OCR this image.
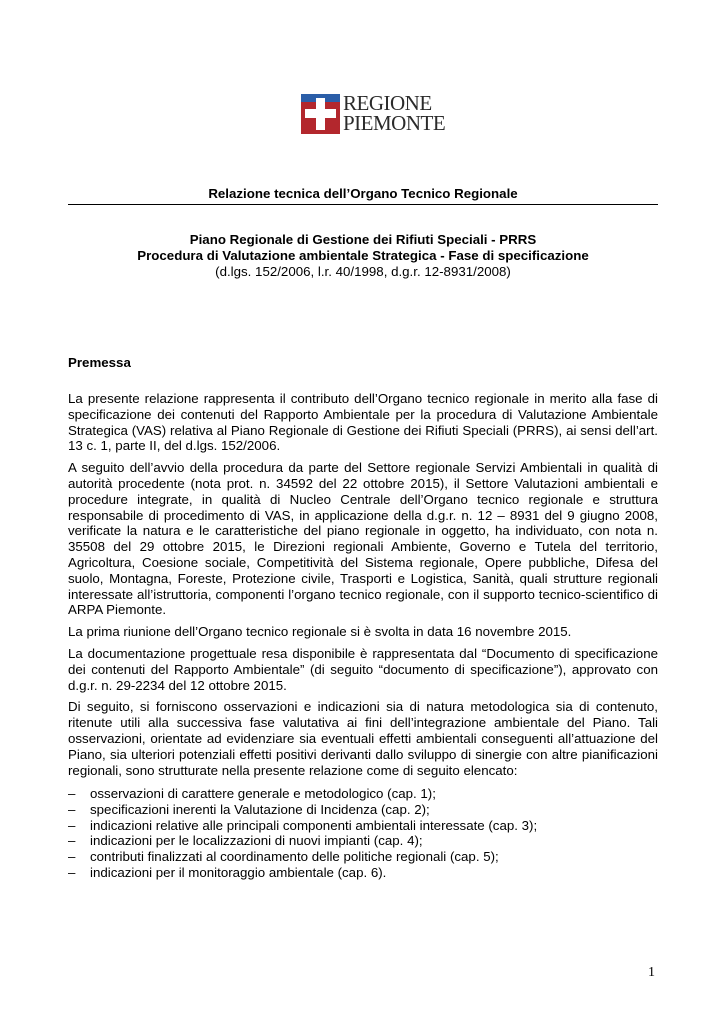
REGIONE
PIEMONTE
Relazione tecnica dell’Organo Tecnico Regionale
Piano Regionale di Gestione dei Rifiuti Speciali - PRRS
Procedura di Valutazione ambientale Strategica - Fase di specificazione
(d.lgs. 152/2006, l.r. 40/1998, d.g.r. 12-8931/2008)
Premessa

La presente relazione rappresenta il contributo dell’Organo tecnico regionale in merito alla fase di specificazione dei contenuti del Rapporto Ambientale per la procedura di Valutazione Ambientale Strategica (VAS) relativa al Piano Regionale di Gestione dei Rifiuti Speciali (PRRS), ai sensi dell’art. 13 c. 1, parte II, del d.lgs. 152/2006.

A seguito dell’avvio della procedura da parte del Settore regionale Servizi Ambientali in qualità di autorità procedente (nota prot. n. 34592 del 22 ottobre 2015), il Settore Valutazioni ambientali e procedure integrate, in qualità di Nucleo Centrale dell’Organo tecnico regionale e struttura responsabile di procedimento di VAS, in applicazione della d.g.r. n. 12 – 8931 del 9 giugno 2008, verificate la natura e le caratteristiche del piano regionale in oggetto, ha individuato, con nota n. 35508 del 29 ottobre 2015, le Direzioni regionali Ambiente, Governo e Tutela del territorio, Agricoltura, Coesione sociale, Competitività del Sistema regionale, Opere pubbliche, Difesa del suolo, Montagna, Foreste, Protezione civile, Trasporti e Logistica, Sanità, quali strutture regionali interessate all’istruttoria, componenti l’organo tecnico regionale, con il supporto tecnico-scientifico di ARPA Piemonte.

La prima riunione dell’Organo tecnico regionale si è svolta in data 16 novembre 2015.

La documentazione progettuale resa disponibile è rappresentata dal “Documento di specificazione dei contenuti del Rapporto Ambientale” (di seguito “documento di specificazione”), approvato con d.g.r. n. 29-2234 del 12 ottobre 2015.

Di seguito, si forniscono osservazioni e indicazioni sia di natura metodologica sia di contenuto, ritenute utili alla successiva fase valutativa ai fini dell’integrazione ambientale del Piano. Tali osservazioni, orientate ad evidenziare sia eventuali effetti ambientali conseguenti all’attuazione del Piano, sia ulteriori potenziali effetti positivi derivanti dallo sviluppo di sinergie con altre pianificazioni regionali, sono strutturate nella presente relazione come di seguito elencato:

– osservazioni di carattere generale e metodologico (cap. 1);
– specificazioni inerenti la Valutazione di Incidenza (cap. 2);
– indicazioni relative alle principali componenti ambientali interessate (cap. 3);
– indicazioni per le localizzazioni di nuovi impianti (cap. 4);
– contributi finalizzati al coordinamento delle politiche regionali (cap. 5);
– indicazioni per il monitoraggio ambientale (cap. 6).
1
